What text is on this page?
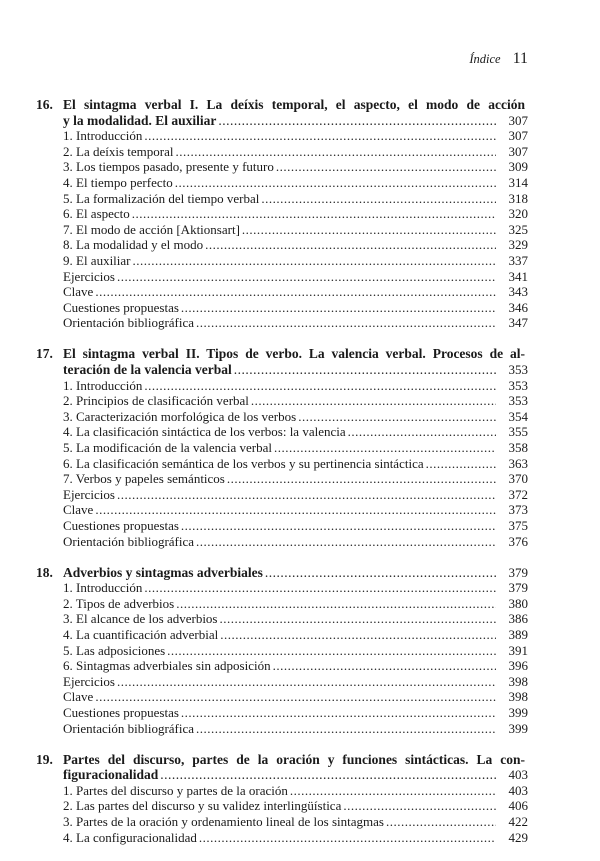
Índice 11
16. El sintagma verbal I. La deíxis temporal, el aspecto, el modo de acción
y la modalidad. El auxiliar .....	307
1. Introducción .....	307
2. La deíxis temporal .....	307
3. Los tiempos pasado, presente y futuro .....	309
4. El tiempo perfecto .....	314
5. La formalización del tiempo verbal .....	318
6. El aspecto .....	320
7. El modo de acción [Aktionsart] .....	325
8. La modalidad y el modo .....	329
9. El auxiliar .....	337
Ejercicios .....	341
Clave .....	343
Cuestiones propuestas .....	346
Orientación bibliográfica .....	347
17. El sintagma verbal II. Tipos de verbo. La valencia verbal. Procesos de al-
teración de la valencia verbal .....	353
1. Introducción .....	353
2. Principios de clasificación verbal .....	353
3. Caracterización morfológica de los verbos .....	354
4. La clasificación sintáctica de los verbos: la valencia .....	355
5. La modificación de la valencia verbal .....	358
6. La clasificación semántica de los verbos y su pertinencia sintáctica .....	363
7. Verbos y papeles semánticos .....	370
Ejercicios .....	372
Clave .....	373
Cuestiones propuestas .....	375
Orientación bibliográfica .....	376
18. Adverbios y sintagmas adverbiales .....	379
1. Introducción .....	379
2. Tipos de adverbios .....	380
3. El alcance de los adverbios .....	386
4. La cuantificación adverbial .....	389
5. Las adposiciones .....	391
6. Sintagmas adverbiales sin adposición .....	396
Ejercicios .....	398
Clave .....	398
Cuestiones propuestas .....	399
Orientación bibliográfica .....	399
19. Partes del discurso, partes de la oración y funciones sintácticas. La con-
figuracionalidad .....	403
1. Partes del discurso y partes de la oración .....	403
2. Las partes del discurso y su validez interlingüística .....	406
3. Partes de la oración y ordenamiento lineal de los sintagmas .....	422
4. La configuracionalidad .....	429
